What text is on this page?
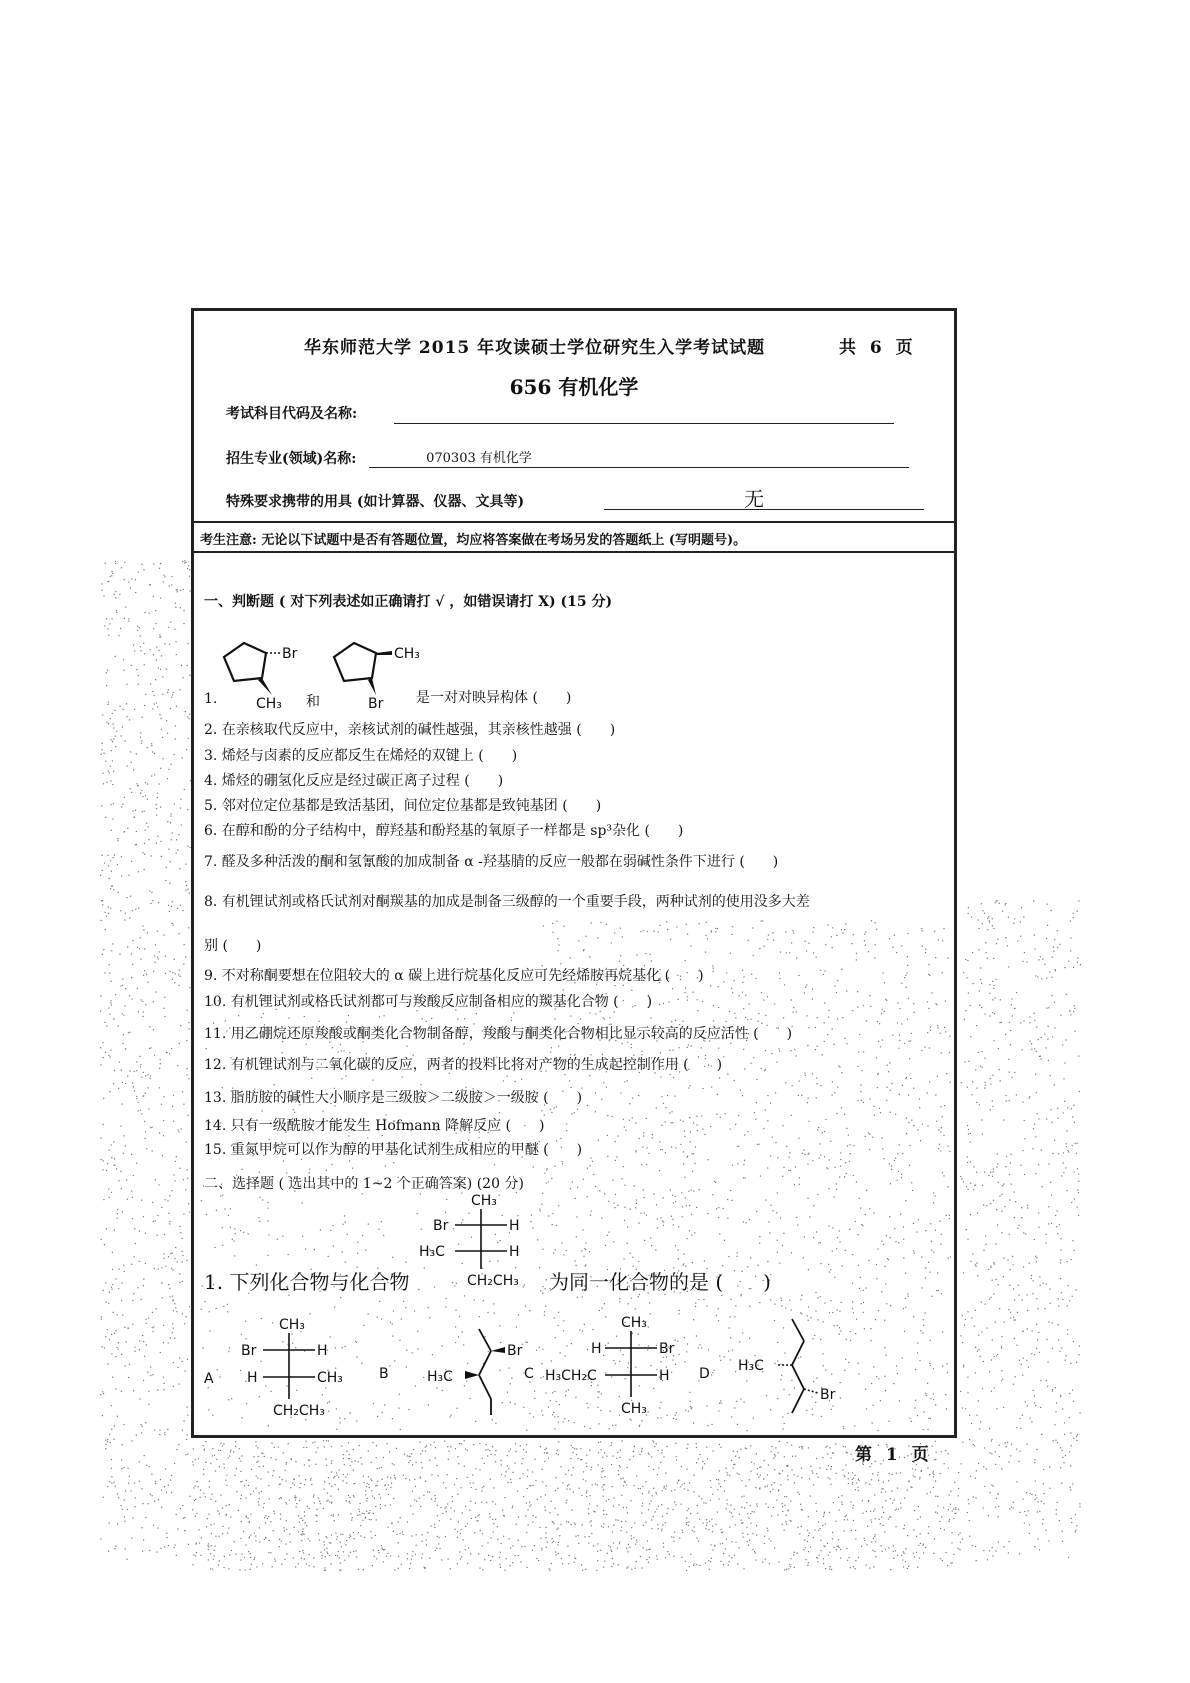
华东师范大学 2015 年攻读硕士学位研究生入学考试试题	共 6 页
656 有机化学
考试科目代码及名称:
招生专业(领域)名称:	070303 有机化学
特殊要求携带的用具 (如计算器、仪器、文具等)	无
考生注意: 无论以下试题中是否有答题位置，均应将答案做在考场另发的答题纸上 (写明题号)。
一、判断题 ( 对下列表述如正确请打 √ ，如错误请打 X) (15 分)
Br
CH₃
CH₃
Br
1.	和	是一对对映异构体 (　　)
2. 在亲核取代反应中，亲核试剂的碱性越强，其亲核性越强 (　　)
3. 烯烃与卤素的反应都反生在烯烃的双键上 (　　)
4. 烯烃的硼氢化反应是经过碳正离子过程 (　　)
5. 邻对位定位基都是致活基团，间位定位基都是致钝基团 (　　)
6. 在醇和酚的分子结构中，醇羟基和酚羟基的氧原子一样都是 sp³杂化 (　　)
7. 醛及多种活泼的酮和氢氰酸的加成制备 α -羟基腈的反应一般都在弱碱性条件下进行 (　　)
8. 有机锂试剂或格氏试剂对酮羰基的加成是制备三级醇的一个重要手段，两种试剂的使用没多大差
别 (　　)
9. 不对称酮要想在位阻较大的 α 碳上进行烷基化反应可先经烯胺再烷基化 (　　)
10. 有机锂试剂或格氏试剂都可与羧酸反应制备相应的羰基化合物 (　　)
11. 用乙硼烷还原羧酸或酮类化合物制备醇，羧酸与酮类化合物相比显示较高的反应活性 (　　)
12. 有机锂试剂与二氧化碳的反应，两者的投料比将对产物的生成起控制作用 (　　)
13. 脂肪胺的碱性大小顺序是三级胺＞二级胺＞一级胺 (　　)
14. 只有一级酰胺才能发生 Hofmann 降解反应 (　　)
15. 重氮甲烷可以作为醇的甲基化试剂生成相应的甲醚 (　　)
二、选择题 ( 选出其中的 1~2 个正确答案) (20 分)
CH₃
Br	H
H₃C	H
CH₂CH₃
1. 下列化合物与化合物	为同一化合物的是 (　　)
A
CH₃
Br	H
H	CH₃
CH₂CH₃
B
Br
H₃C	C
CH₃
H	Br
H₃CH₂C	H
CH₃
D H₃C
Br
第 1 页
